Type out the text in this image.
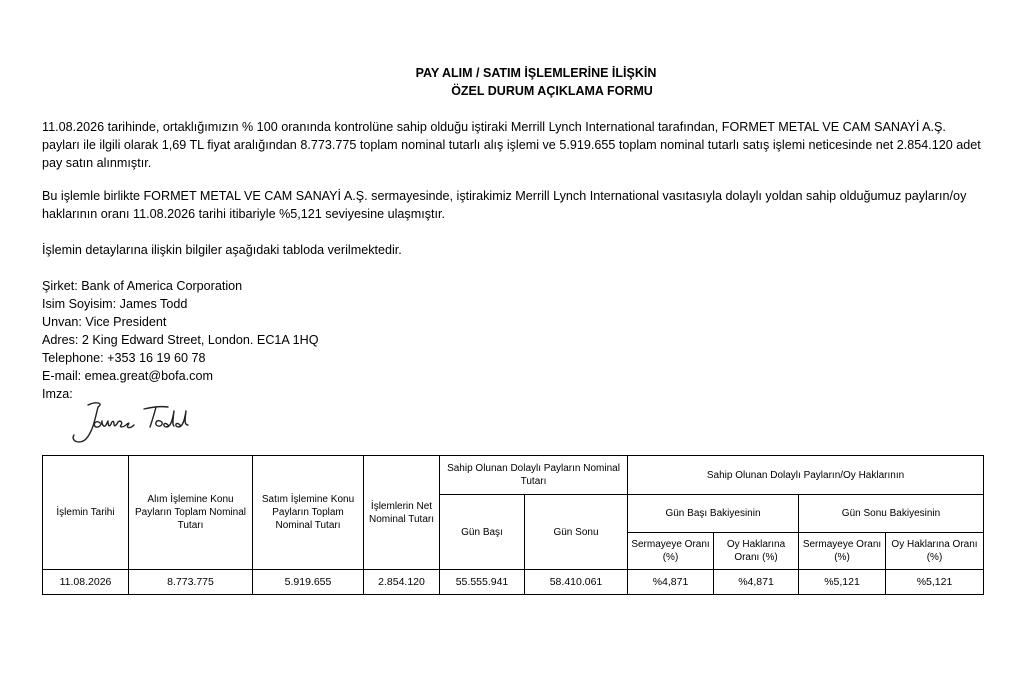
PAY ALIM / SATIM İŞLEMLERİNE İLİŞKİN
ÖZEL DURUM AÇIKLAMA FORMU
11.08.2026 tarihinde, ortaklığımızın % 100 oranında kontrolüne sahip olduğu iştiraki Merrill Lynch International tarafından, FORMET METAL VE CAM SANAYİ A.Ş. payları ile ilgili olarak 1,69 TL fiyat aralığından 8.773.775 toplam nominal tutarlı alış işlemi ve 5.919.655 toplam nominal tutarlı satış işlemi neticesinde net 2.854.120 adet pay satın alınmıştır.
Bu işlemle birlikte FORMET METAL VE CAM SANAYİ A.Ş. sermayesinde, iştirakimiz Merrill Lynch International vasıtasıyla dolaylı yoldan sahip olduğumuz payların/oy haklarının oranı 11.08.2026 tarihi itibariyle %5,121 seviyesine ulaşmıştır.
İşlemin detaylarına ilişkin bilgiler aşağıdaki tabloda verilmektedir.
Şirket: Bank of America Corporation
Isim Soyisim: James Todd
Unvan: Vice President
Adres: 2 King Edward Street, London. EC1A 1HQ
Telephone: +353 16 19 60 78
E-mail: emea.great@bofa.com
Imza:
James Todd
İşlemin Tarihi	Alım İşlemine Konu Payların Toplam Nominal Tutarı	Satım İşlemine Konu Payların Toplam Nominal Tutarı	İşlemlerin Net Nominal Tutarı	Sahip Olunan Dolaylı Payların Nominal Tutarı		Sahip Olunan Dolaylı Payların/Oy Haklarının			
				Gün Başı	Gün Sonu	Gün Başı Bakiyesinin		Gün Sonu Bakiyesinin	
						Sermayeye Oranı (%)	Oy Haklarına Oranı (%)	Sermayeye Oranı (%)	Oy Haklarına Oranı (%)
11.08.2026	8.773.775	5.919.655	2.854.120	55.555.941	58.410.061	%4,871	%4,871	%5,121	%5,121
